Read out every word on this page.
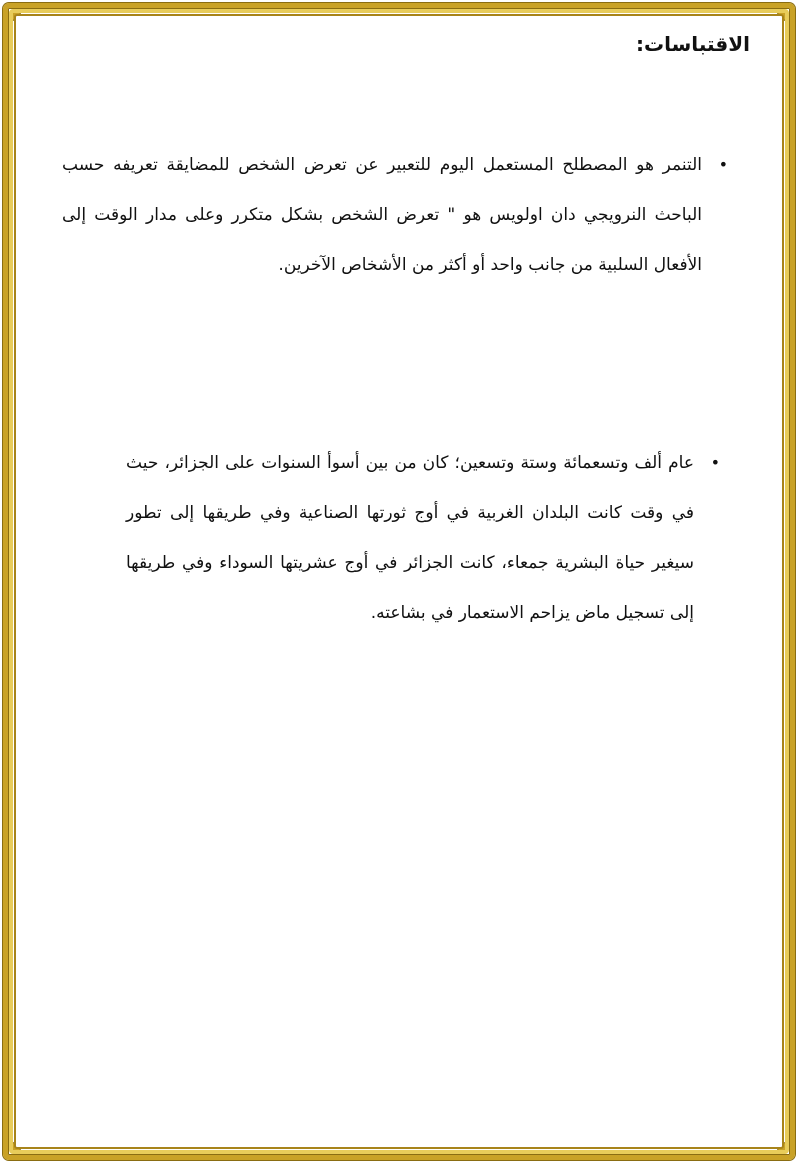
الاقتباسات:
•
التنمر هو المصطلح المستعمل اليوم للتعبير عن تعرض الشخص للمضايقة تعريفه حسب الباحث النرويجي دان اولويس هو " تعرض الشخص بشكل متكرر وعلى مدار الوقت إلى الأفعال السلبية من جانب واحد أو أكثر من الأشخاص الآخرين.
•
عام ألف وتسعمائة وستة وتسعين؛ كان من بين أسوأ السنوات على الجزائر، حيث في وقت كانت البلدان الغربية في أوج ثورتها الصناعية وفي طريقها إلى تطور سيغير حياة البشرية جمعاء، كانت الجزائر في أوج عشريتها السوداء وفي طريقها إلى تسجيل ماض يزاحم الاستعمار في بشاعته.
